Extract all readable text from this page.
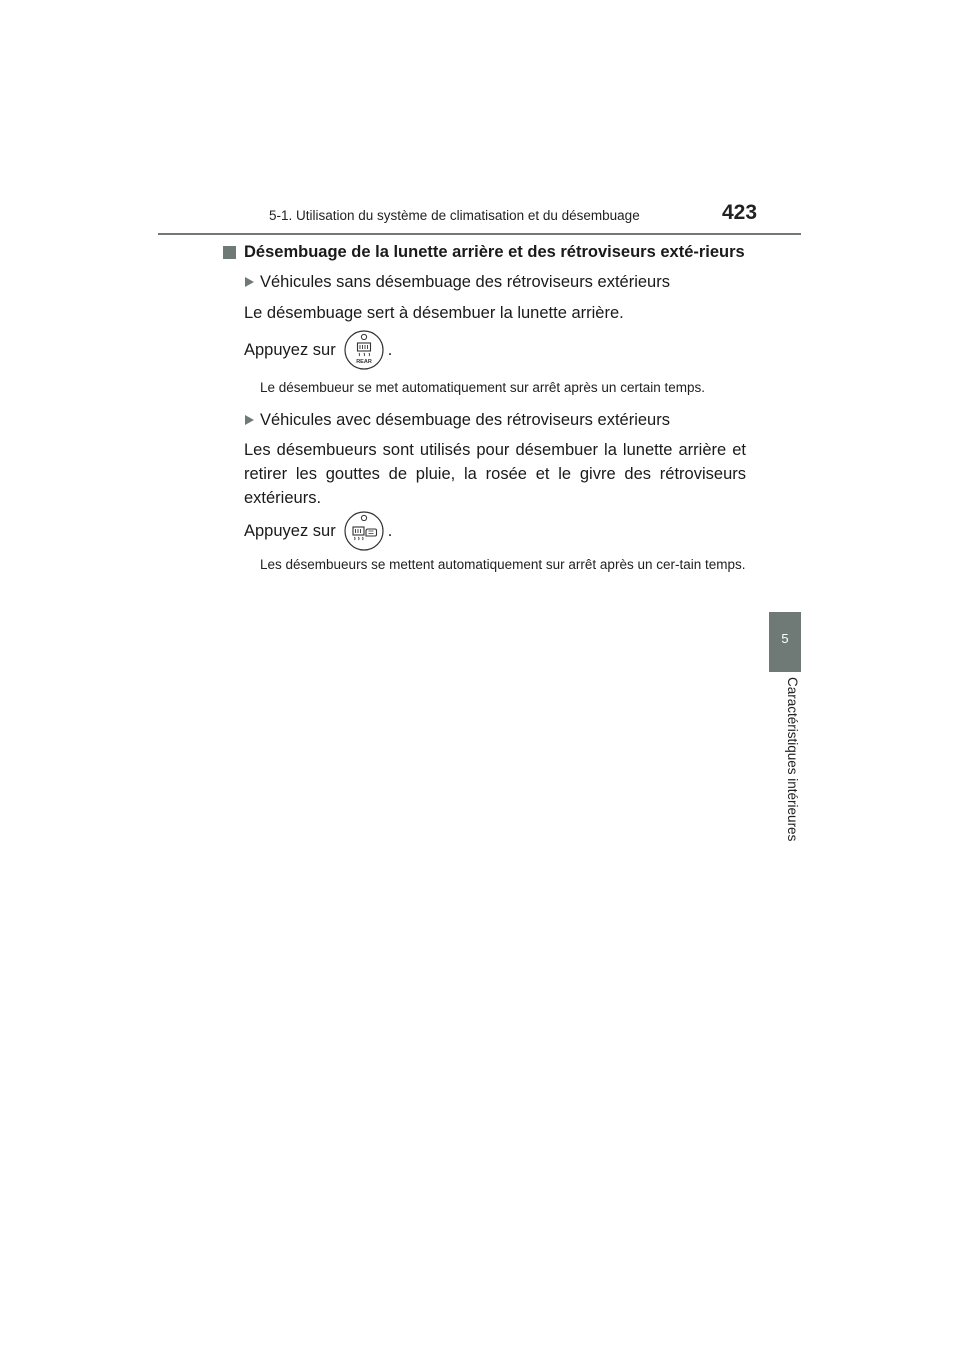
5-1. Utilisation du système de climatisation et du désembuage	423
5
Caractéristiques intérieures

Désembuage de la lunette arrière et des rétroviseurs exté-rieurs

Véhicules sans désembuage des rétroviseurs extérieurs

Le désembuage sert à désembuer la lunette arrière.

Appuyez sur
REAR
.

Le désembueur se met automatiquement sur arrêt après un certain temps.

Véhicules avec désembuage des rétroviseurs extérieurs

Les désembueurs sont utilisés pour désembuer la lunette arrière et retirer les gouttes de pluie, la rosée et le givre des rétroviseurs extérieurs.

Appuyez sur	.

Les désembueurs se mettent automatiquement sur arrêt après un cer-tain temps.
